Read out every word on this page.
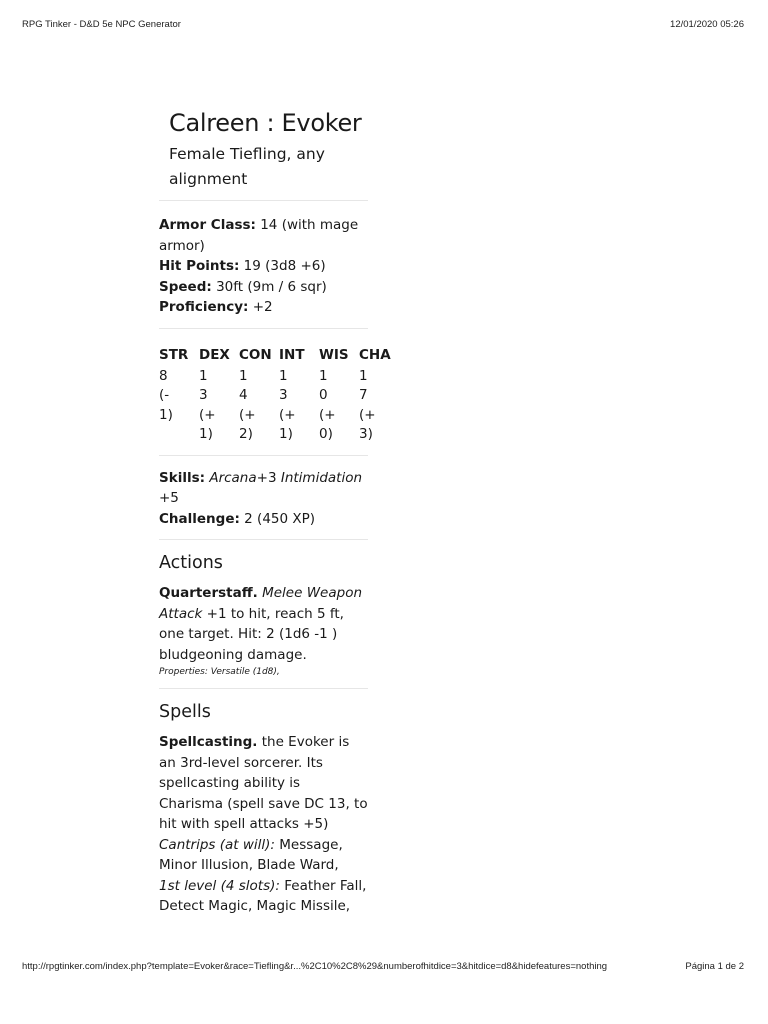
RPG Tinker - D&D 5e NPC Generator	12/01/2020 05:26
Calreen : Evoker
Female Tiefling, any alignment
Armor Class: 14 (with mage armor)
Hit Points: 19 (3d8 +6)
Speed: 30ft (9m / 6 sqr)
Proficiency: +2
STR
8(-1)
DEX
13(+1)
CON
14(+2)
INT
13(+1)
WIS
10(+0)
CHA
17(+3)
Skills: Arcana+3 Intimidation +5
Challenge: 2 (450 XP)
Actions
Quarterstaff. Melee Weapon Attack +1 to hit, reach 5 ft, one target. Hit: 2 (1d6 -1 ) bludgeoning damage.
Properties: Versatile (1d8),
Spells
Spellcasting. the Evoker is an 3rd-level sorcerer. Its spellcasting ability is Charisma (spell save DC 13, to hit with spell attacks +5)
Cantrips (at will): Message, Minor Illusion, Blade Ward,
1st level (4 slots): Feather Fall, Detect Magic, Magic Missile,
http://rpgtinker.com/index.php?template=Evoker&race=Tiefling&r...%2C10%2C8%29&numberofhitdice=3&hitdice=d8&hidefeatures=nothing	Página 1 de 2
